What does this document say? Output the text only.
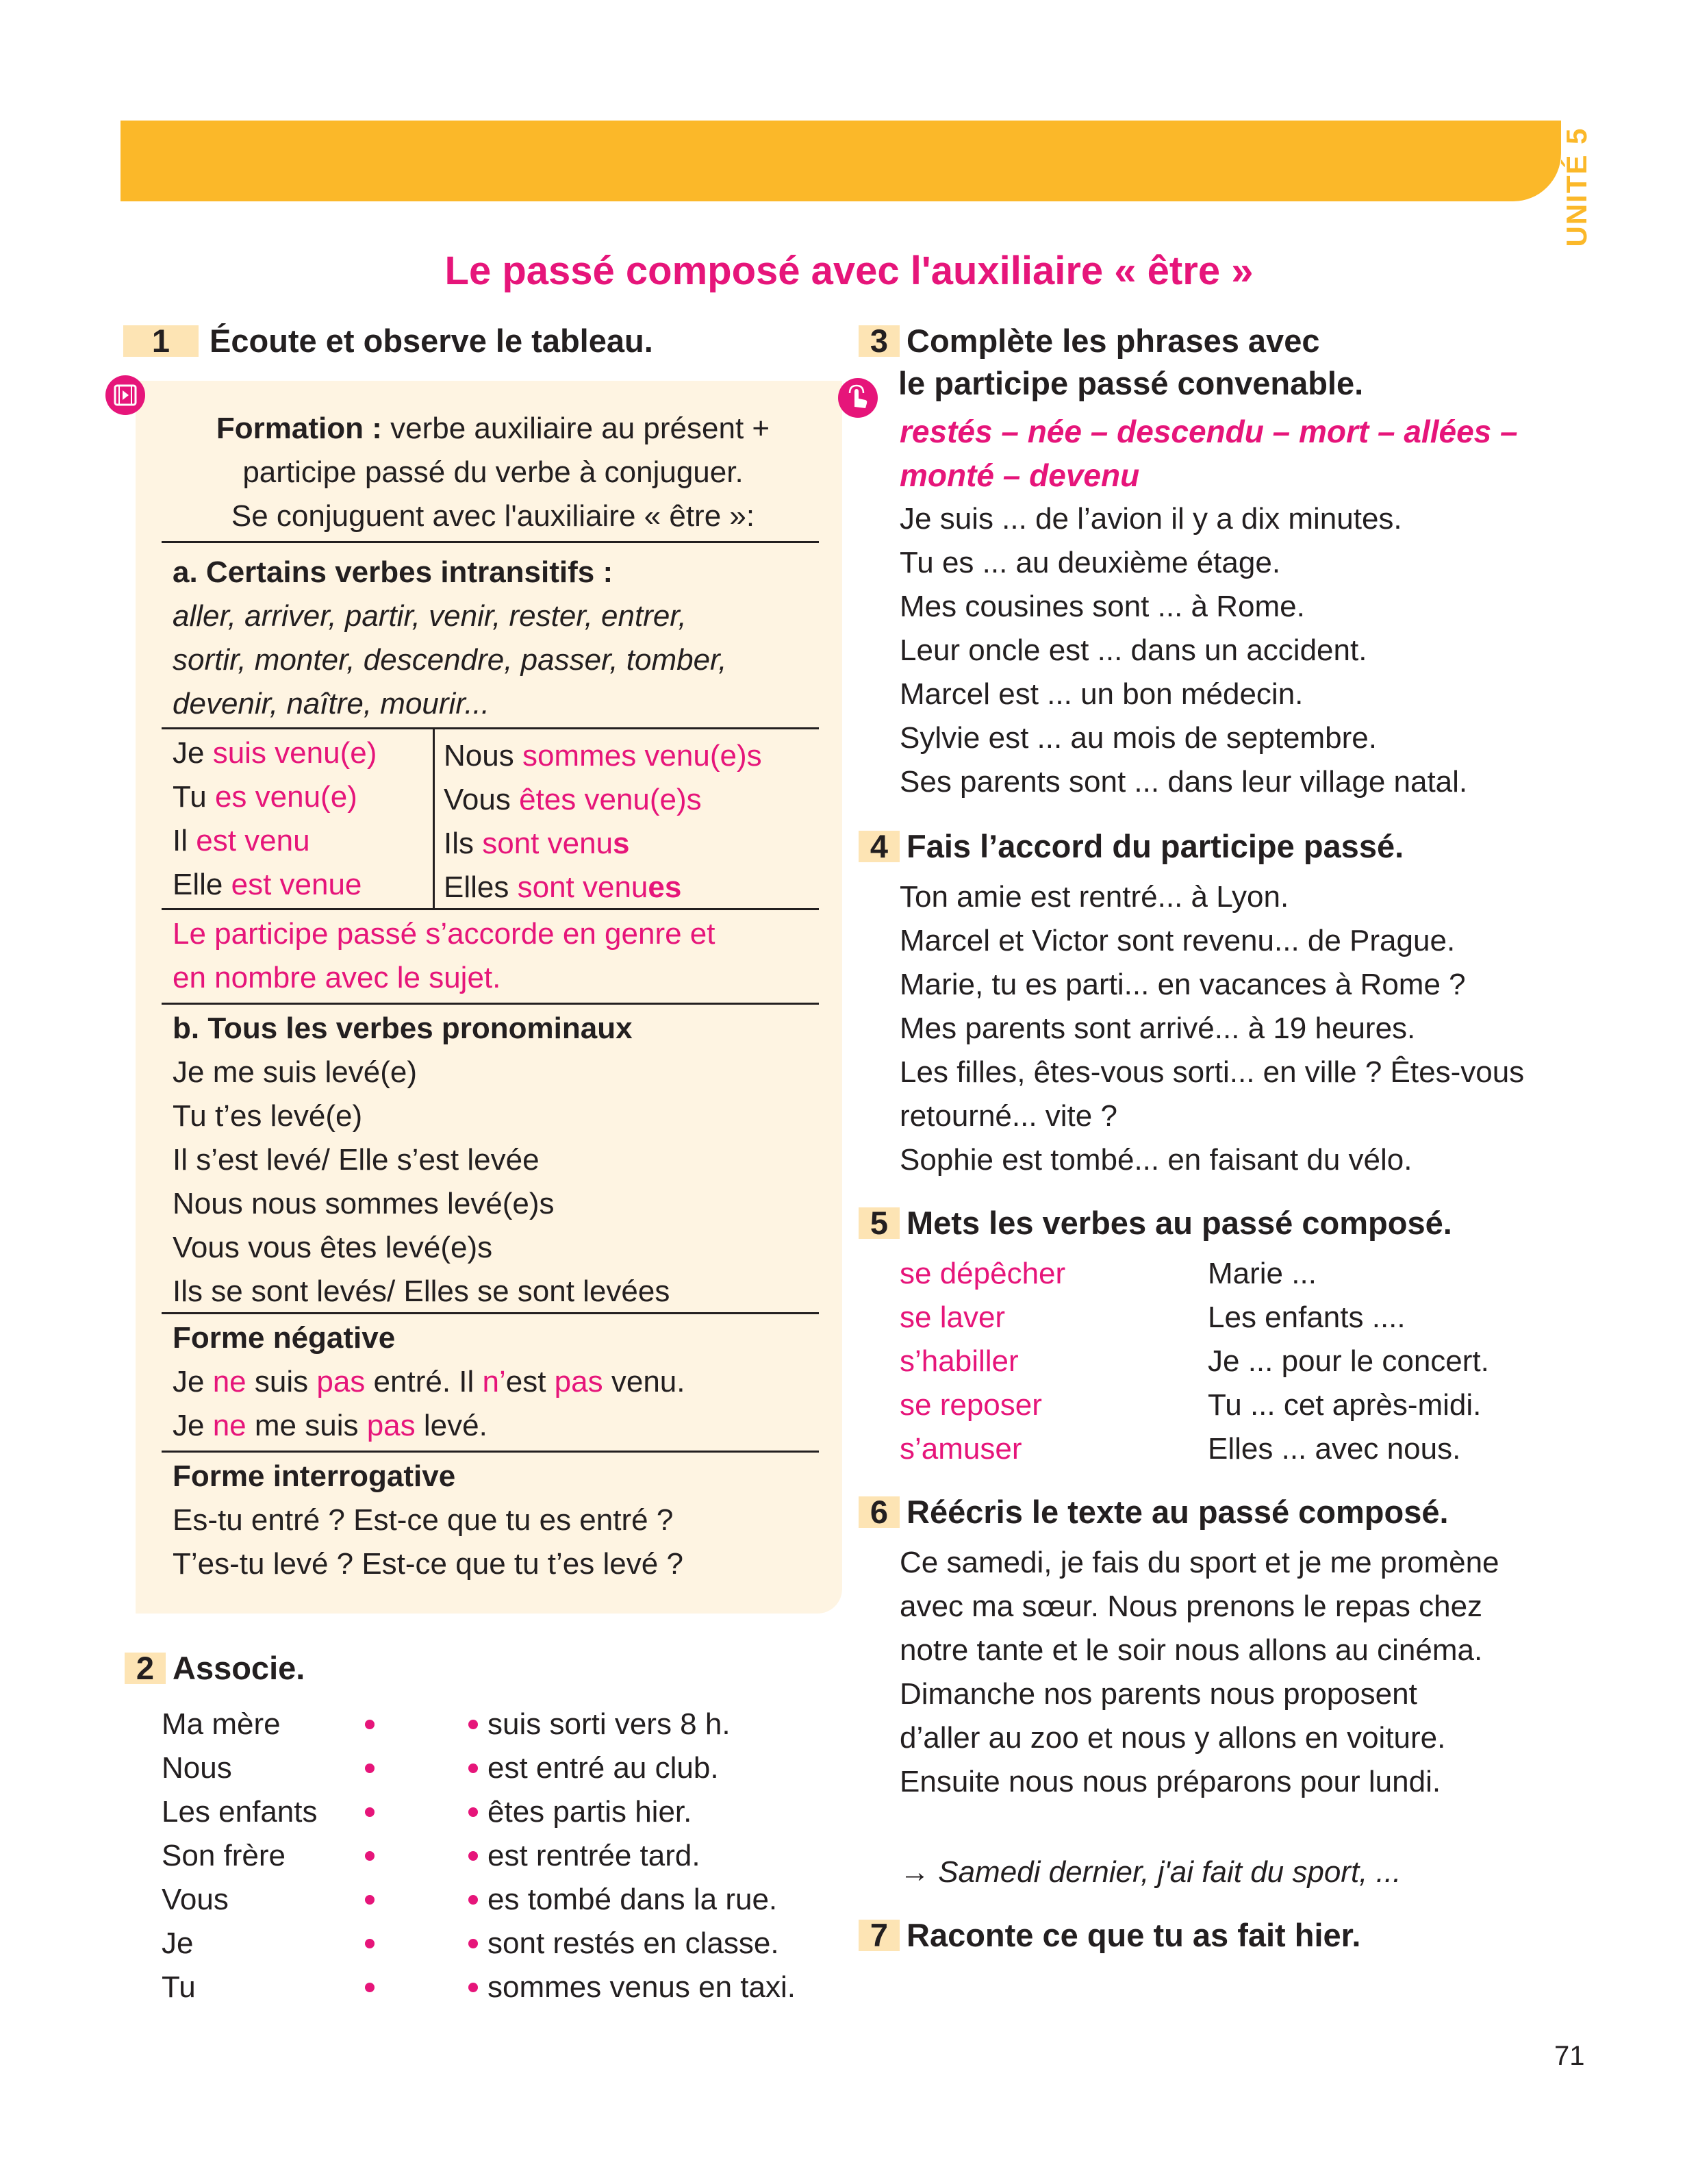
UNITÉ 5
Le passé composé avec l'auxiliaire « être »
1 Écoute et observe le tableau.
Formation : verbe auxiliaire au présent +
participe passé du verbe à conjuguer.
Se conjuguent avec l'auxiliaire « être »:
a. Certains verbes intransitifs :
aller, arriver, partir, venir, rester, entrer,
sortir, monter, descendre, passer, tomber,
devenir, naître, mourir...
Je suis venu(e)
Tu es venu(e)
Il est venu
Elle est venue
Nous sommes venu(e)s
Vous êtes venu(e)s
Ils sont venus
Elles sont venues
Le participe passé s’accorde en genre et
en nombre avec le sujet.
b. Tous les verbes pronominaux
Je me suis levé(e)
Tu t’es levé(e)
Il s’est levé/ Elle s’est levée
Nous nous sommes levé(e)s
Vous vous êtes levé(e)s
Ils se sont levés/ Elles se sont levées
Forme négative
Je ne suis pas entré. Il n’est pas venu.
Je ne me suis pas levé.
Forme interrogative
Es-tu entré ? Est-ce que tu es entré ?
T’es-tu levé ? Est-ce que tu t’es levé ?
2 Associe.
Ma mère
Nous
Les enfants
Son frère
Vous
Je
Tu
suis sorti vers 8 h.
est entré au club.
êtes partis hier.
est rentrée tard.
es tombé dans la rue.
sont restés en classe.
sommes venus en taxi.
3 Complète les phrases avec
le participe passé convenable.
restés – née – descendu – mort – allées –
monté – devenu
Je suis ... de l’avion il y a dix minutes.
Tu es ... au deuxième étage.
Mes cousines sont ... à Rome.
Leur oncle est ... dans un accident.
Marcel est ... un bon médecin.
Sylvie est ... au mois de septembre.
Ses parents sont ... dans leur village natal.
4 Fais l’accord du participe passé.
Ton amie est rentré... à Lyon.
Marcel et Victor sont revenu... de Prague.
Marie, tu es parti... en vacances à Rome ?
Mes parents sont arrivé... à 19 heures.
Les filles, êtes-vous sorti... en ville ? Êtes-vous
retourné... vite ?
Sophie est tombé... en faisant du vélo.
5 Mets les verbes au passé composé.
se dépêcher
se laver
s’habiller
se reposer
s’amuser
Marie ...
Les enfants ....
Je ... pour le concert.
Tu ... cet après-midi.
Elles ... avec nous.
6 Réécris le texte au passé composé.
Ce samedi, je fais du sport et je me promène
avec ma sœur. Nous prenons le repas chez
notre tante et le soir nous allons au cinéma.
Dimanche nos parents nous proposent
d’aller au zoo et nous y allons en voiture.
Ensuite nous nous préparons pour lundi.
→ Samedi dernier, j'ai fait du sport, ...
7 Raconte ce que tu as fait hier.
71
